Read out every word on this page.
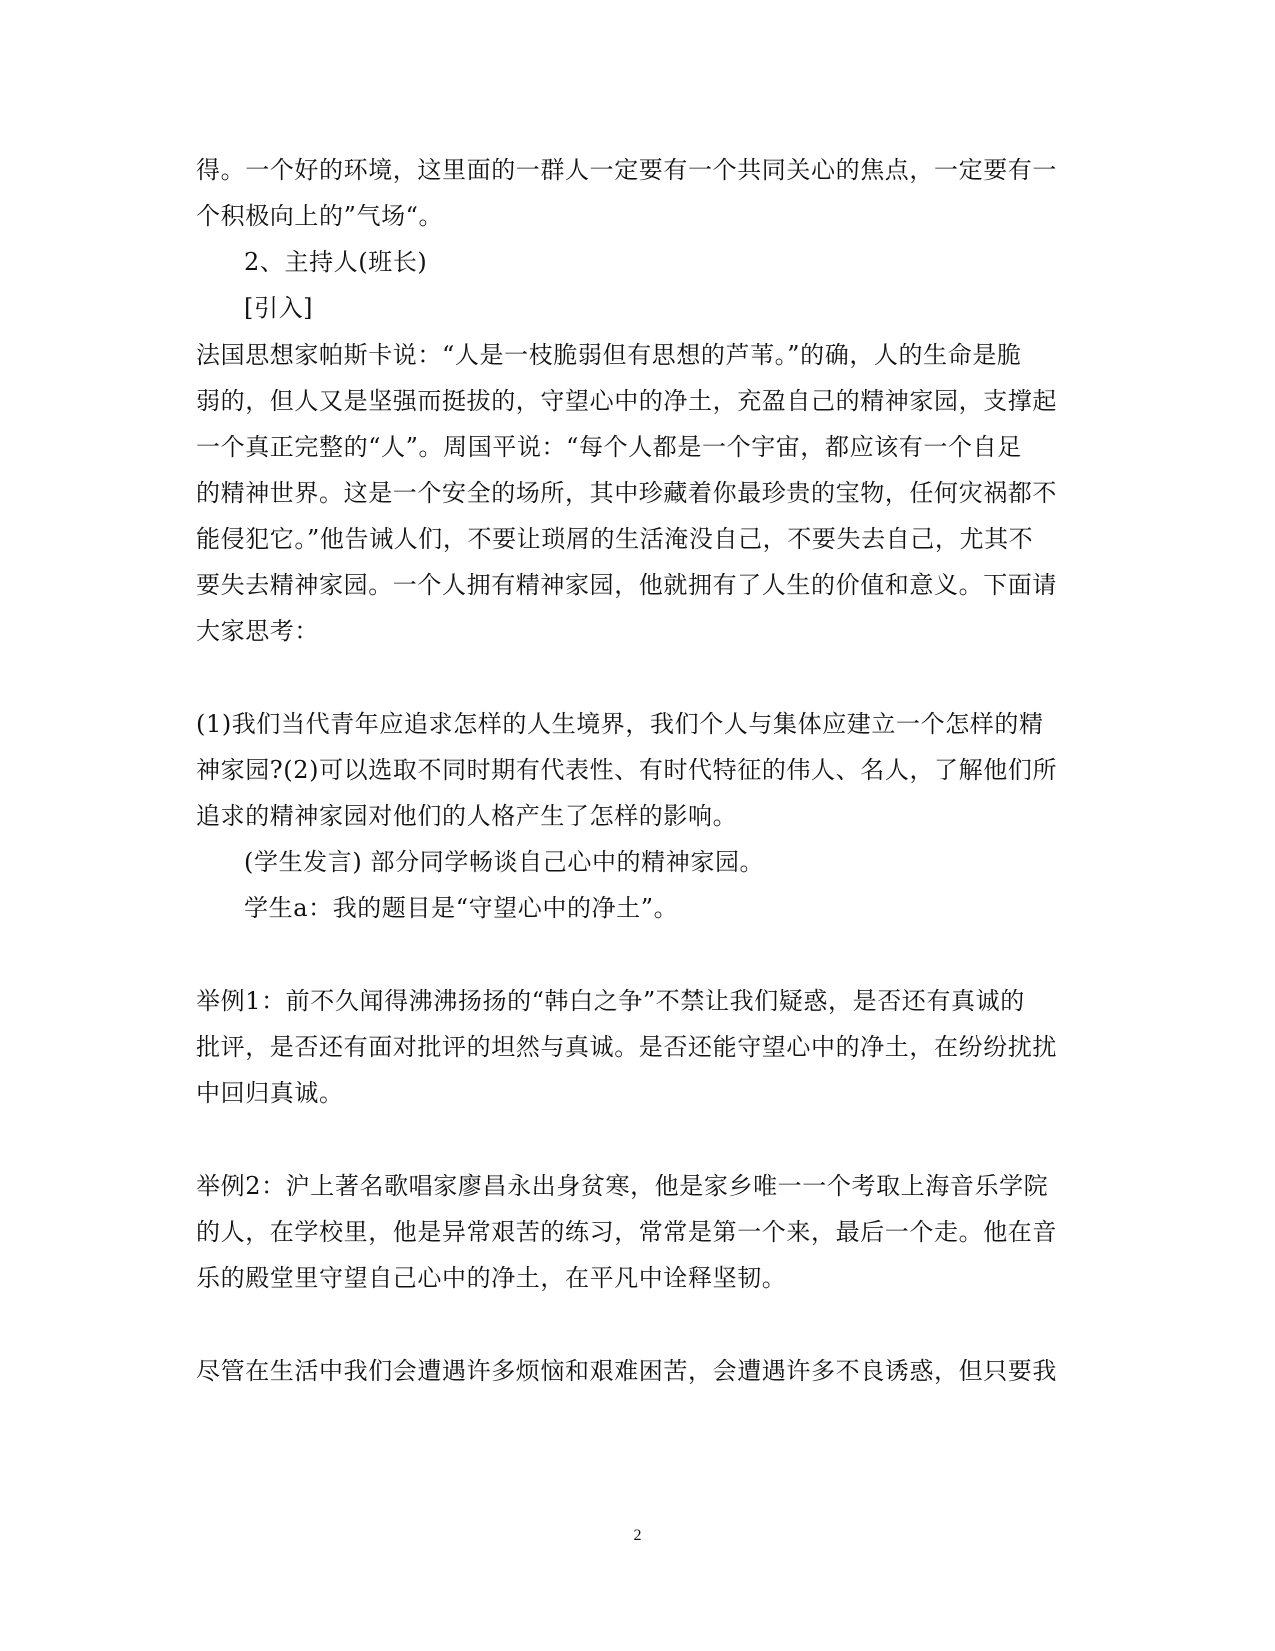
得。一个好的环境，这里面的一群人一定要有一个共同关心的焦点，一定要有一
个积极向上的”气场“。
2、主持人(班长)
[引入]
法国思想家帕斯卡说：“人是一枝脆弱但有思想的芦苇。”的确，人的生命是脆
弱的，但人又是坚强而挺拔的，守望心中的净土，充盈自己的精神家园，支撑起
一个真正完整的“人”。周国平说：“每个人都是一个宇宙，都应该有一个自足
的精神世界。这是一个安全的场所，其中珍藏着你最珍贵的宝物，任何灾祸都不
能侵犯它。”他告诫人们，不要让琐屑的生活淹没自己，不要失去自己，尤其不
要失去精神家园。一个人拥有精神家园，他就拥有了人生的价值和意义。下面请
大家思考：
(1)我们当代青年应追求怎样的人生境界，我们个人与集体应建立一个怎样的精
神家园?(2)可以选取不同时期有代表性、有时代特征的伟人、名人，了解他们所
追求的精神家园对他们的人格产生了怎样的影响。
(学生发言) 部分同学畅谈自己心中的精神家园。
学生a：我的题目是“守望心中的净土”。
举例1：前不久闻得沸沸扬扬的“韩白之争”不禁让我们疑惑，是否还有真诚的
批评，是否还有面对批评的坦然与真诚。是否还能守望心中的净土，在纷纷扰扰
中回归真诚。
举例2：沪上著名歌唱家廖昌永出身贫寒，他是家乡唯一一个考取上海音乐学院
的人，在学校里，他是异常艰苦的练习，常常是第一个来，最后一个走。他在音
乐的殿堂里守望自己心中的净土，在平凡中诠释坚韧。
尽管在生活中我们会遭遇许多烦恼和艰难困苦，会遭遇许多不良诱惑，但只要我
2
